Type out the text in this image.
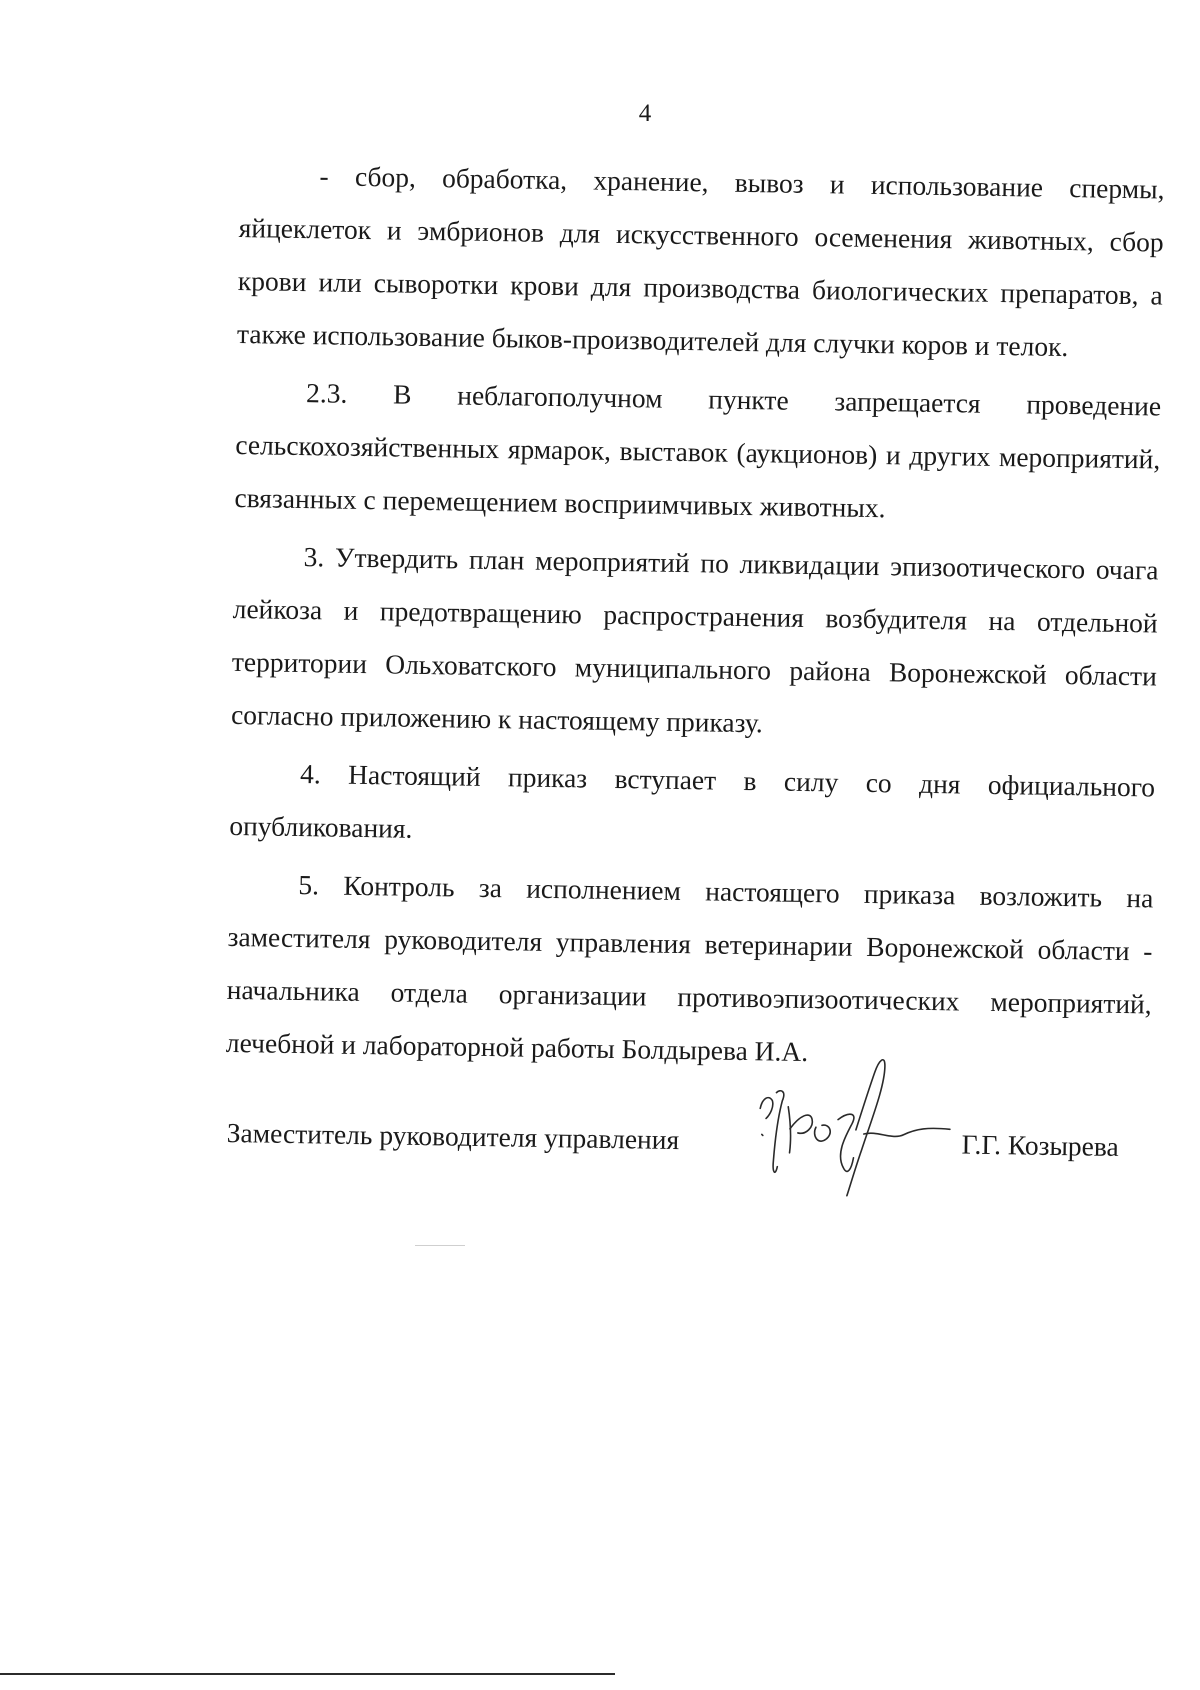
4

- сбор, обработка, хранение, вывоз и использование спермы, яйцеклеток и эмбрионов для искусственного осеменения животных, сбор крови или сыворотки крови для производства биологических препаратов, а также использование быков-производителей для случки коров и телок.

2.3. В неблагополучном пункте запрещается проведение сельскохозяйственных ярмарок, выставок (аукционов) и других мероприятий, связанных с перемещением восприимчивых животных.

3. Утвердить план мероприятий по ликвидации эпизоотического очага лейкоза и предотвращению распространения возбудителя на отдельной территории Ольховатского муниципального района Воронежской области согласно приложению к настоящему приказу.

4. Настоящий приказ вступает в силу со дня официального опубликования.

5. Контроль за исполнением настоящего приказа возложить на заместителя руководителя управления ветеринарии Воронежской области - начальника отдела организации противоэпизоотических мероприятий, лечебной и лабораторной работы Болдырева И.А.

Заместитель руководителя управления	Г.Г. Козырева
